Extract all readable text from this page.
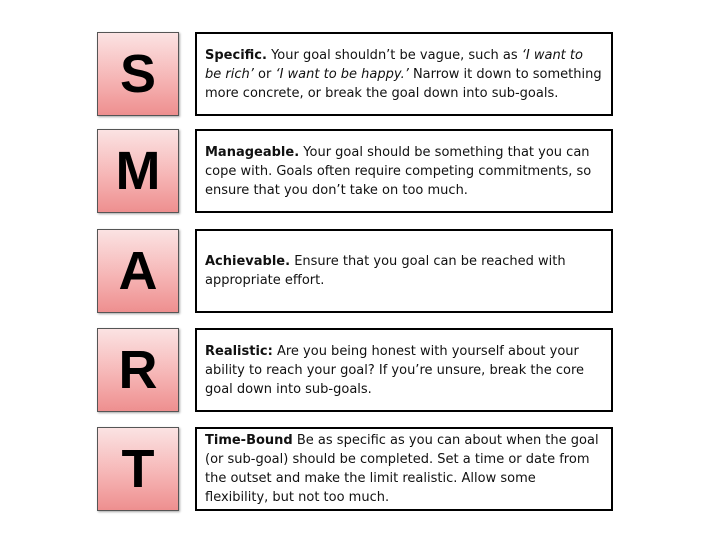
S	Specific. Your goal shouldn’t be vague, such as ‘I want to be rich’ or ‘I want to be happy.’ Narrow it down to something more concrete, or break the goal down into sub-goals.
M	Manageable. Your goal should be something that you can cope with. Goals often require competing commitments, so ensure that you don’t take on too much.
A	Achievable. Ensure that you goal can be reached with appropriate effort.
R	Realistic: Are you being honest with yourself about your ability to reach your goal? If you’re unsure, break the core goal down into sub-goals.
T	Time-Bound Be as specific as you can about when the goal (or sub-goal) should be completed. Set a time or date from the outset and make the limit realistic. Allow some flexibility, but not too much.
